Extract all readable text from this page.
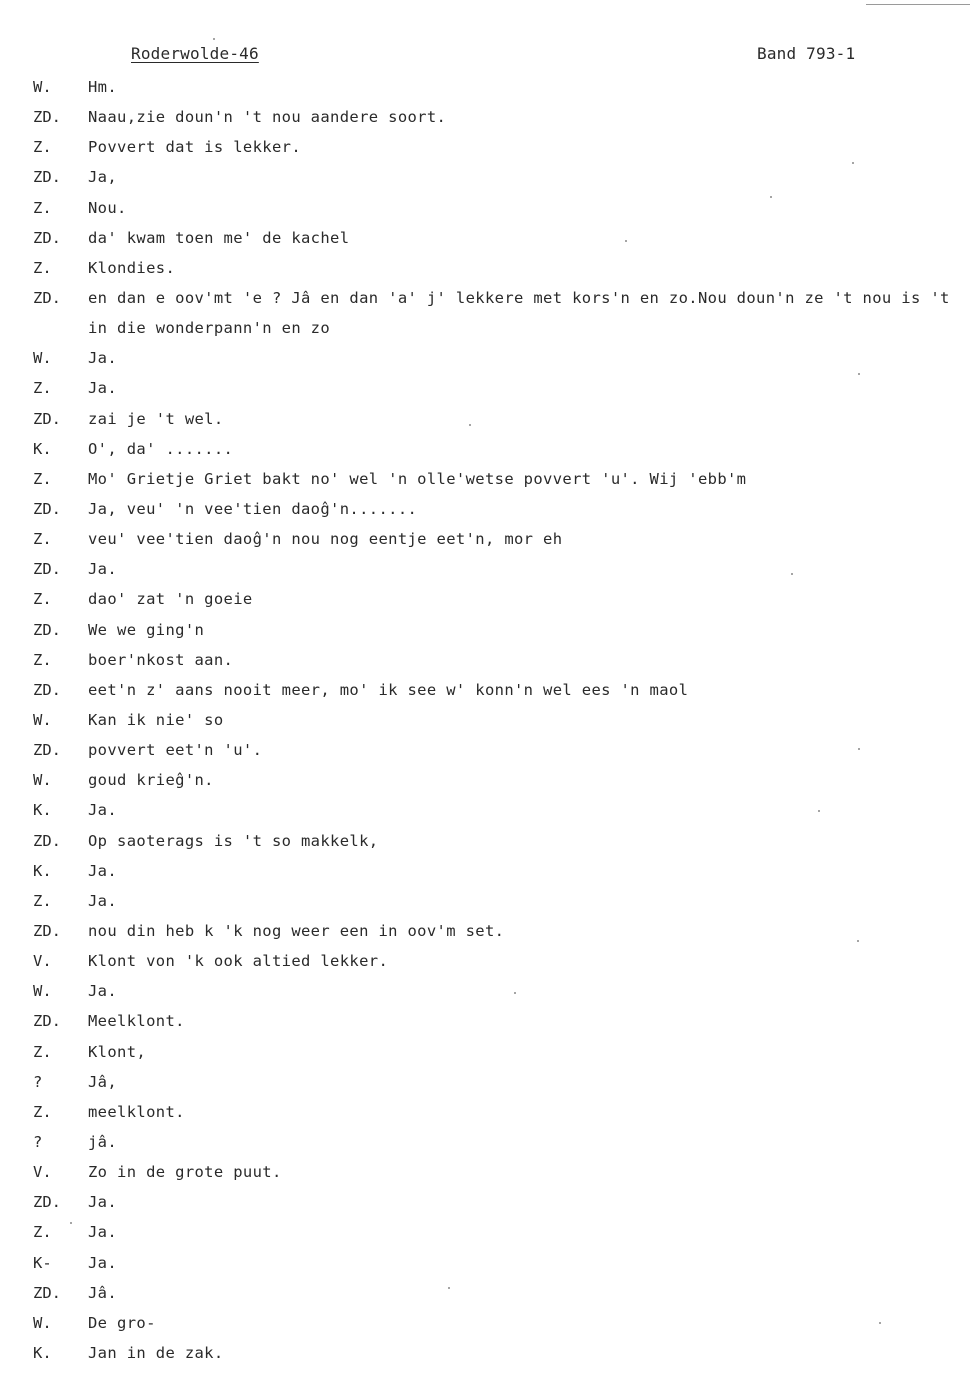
Roderwolde-46	Band 793-1
W.	Hm.
ZD.	Naau,zie doun'n 't nou aandere soort.
Z.	Povvert dat is lekker.
ZD.	Ja,
Z.	Nou.
ZD.	da' kwam toen me' de kachel
Z.	Klondies.
ZD.	en dan e oov'mt 'e ? Jâ en dan 'a' j' lekkere met kors'n en zo.Nou doun'n ze 't nou is 't in die wonderpann'n en zo
W.	Ja.
Z.	Ja.
ZD.	zai je 't wel.
K.	O', da' .......
Z.	Mo' Grietje Griet bakt no' wel 'n olle'wetse povvert 'u'. Wij 'ebb'm
ZD.	Ja, veu' 'n vee'tien daoĝ'n.......
Z.	veu' vee'tien daoĝ'n nou nog eentje eet'n, mor eh
ZD.	Ja.
Z.	dao' zat 'n goeie
ZD.	We we ging'n
Z.	boer'nkost aan.
ZD.	eet'n z' aans nooit meer, mo' ik see w' konn'n wel ees 'n maol
W.	Kan ik nie' so
ZD.	povvert eet'n 'u'.
W.	goud krieĝ'n.
K.	Ja.
ZD.	Op saoterags is 't so makkelk,
K.	Ja.
Z.	Ja.
ZD.	nou din heb k 'k nog weer een in oov'm set.
V.	Klont von 'k ook altied lekker.
W.	Ja.
ZD.	Meelklont.
Z.	Klont,
?	Jâ,
Z.	meelklont.
?	jâ.
V.	Zo in de grote puut.
ZD.	Ja.
Z.	Ja.
K-	Ja.
ZD.	Jâ.
W.	De gro-
K.	Jan in de zak.
